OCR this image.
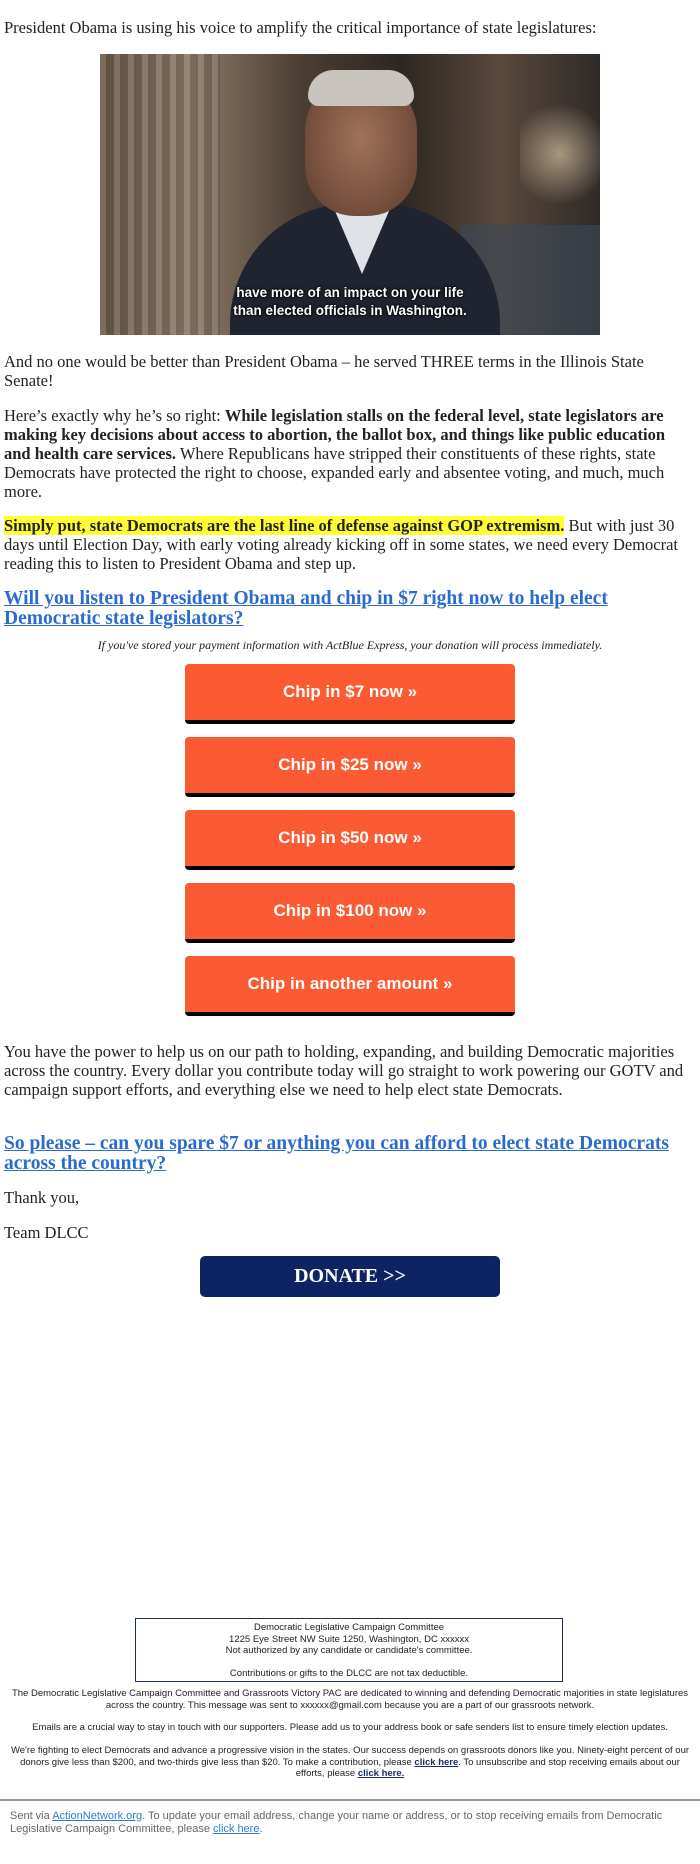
President Obama is using his voice to amplify the critical importance of state legislatures:

have more of an impact on your life
than elected officials in Washington.

And no one would be better than President Obama – he served THREE terms in the Illinois State Senate!

Here’s exactly why he’s so right: While legislation stalls on the federal level, state legislators are making key decisions about access to abortion, the ballot box, and things like public education and health care services. Where Republicans have stripped their constituents of these rights, state Democrats have protected the right to choose, expanded early and absentee voting, and much, much more.

Simply put, state Democrats are the last line of defense against GOP extremism. But with just 30 days until Election Day, with early voting already kicking off in some states, we need every Democrat reading this to listen to President Obama and step up.

Will you listen to President Obama and chip in $7 right now to help elect Democratic state legislators?
If you've stored your payment information with ActBlue Express, your donation will process immediately.
Chip in $7 now »
Chip in $25 now »
Chip in $50 now »
Chip in $100 now »
Chip in another amount »

You have the power to help us on our path to holding, expanding, and building Democratic majorities across the country. Every dollar you contribute today will go straight to work powering our GOTV and campaign support efforts, and everything else we need to help elect state Democrats.

So please – can you spare $7 or anything you can afford to elect state Democrats across the country?

Thank you,

Team DLCC

DONATE >>
Democratic Legislative Campaign Committee
1225 Eye Street NW Suite 1250, Washington, DC xxxxxx
Not authorized by any candidate or candidate's committee.
Contributions or gifts to the DLCC are not tax deductible.
The Democratic Legislative Campaign Committee and Grassroots Victory PAC are dedicated to winning and defending Democratic majorities in state legislatures across the country. This message was sent to xxxxxx@gmail.com because you are a part of our grassroots network.
Emails are a crucial way to stay in touch with our supporters. Please add us to your address book or safe senders list to ensure timely election updates.
We're fighting to elect Democrats and advance a progressive vision in the states. Our success depends on grassroots donors like you. Ninety-eight percent of our donors give less than $200, and two-thirds give less than $20. To make a contribution, please click here. To unsubscribe and stop receiving emails about our efforts, please click here.
Sent via ActionNetwork.org. To update your email address, change your name or address, or to stop receiving emails from Democratic Legislative Campaign Committee, please click here.
